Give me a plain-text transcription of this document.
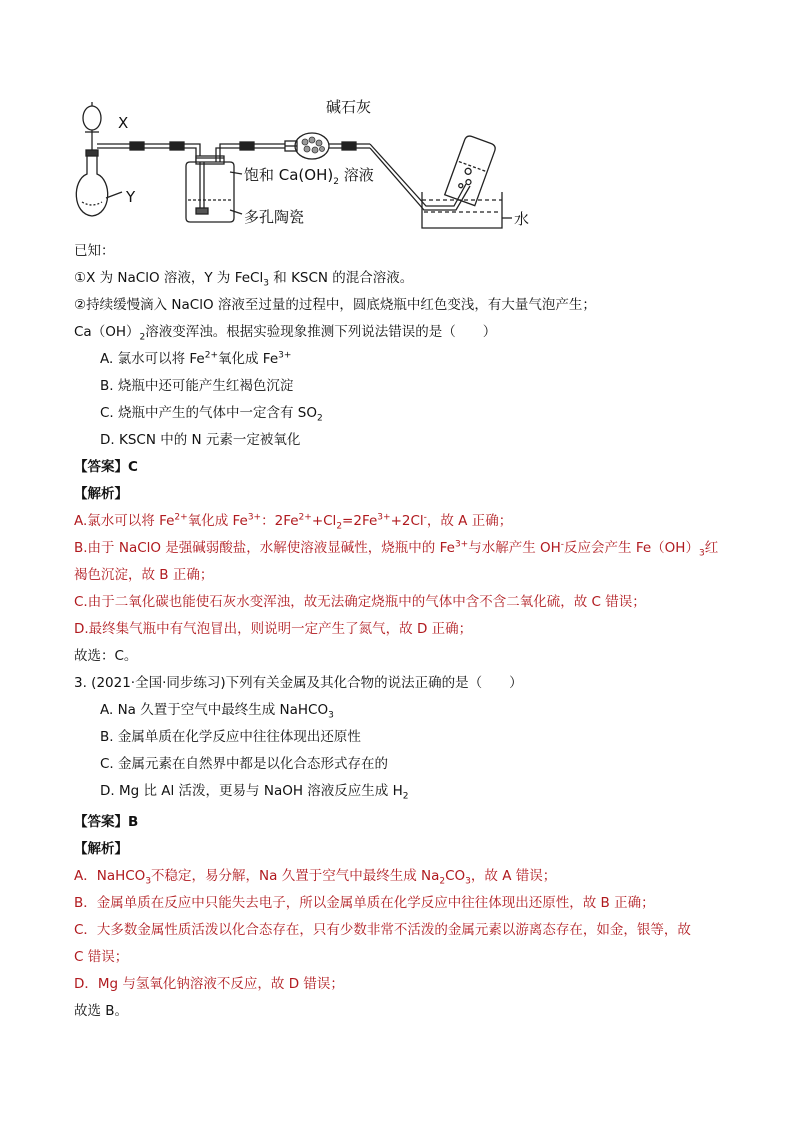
X
Y
碱石灰
饱和 $Ca(OH)_2$ 溶液
多孔陶瓷	水
已知：
①X 为 NaClO 溶液，Y 为 FeCl$_3$ 和 KSCN 的混合溶液。
②持续缓慢滴入 NaClO 溶液至过量的过程中，圆底烧瓶中红色变浅，有大量气泡产生；
$Ca(OH)_2$溶液变浑浊。根据实验现象推测下列说法错误的是（　　）
A. 氯水可以将 $Fe^{2+}$氧化成 $Fe^{3+}$
B. 烧瓶中还可能产生红褐色沉淀
C. 烧瓶中产生的气体中一定含有 $SO_2$
D. KSCN 中的 N 元素一定被氧化
【答案】C
【解析】
A.氯水可以将 $Fe^{2+}$氧化成 $Fe^{3+}$：$2Fe^{2+}+Cl_2=2Fe^{3+}+2Cl^-$，故 A 正确；
B.由于 NaClO 是强碱弱酸盐，水解使溶液显碱性，烧瓶中的 $Fe^{3+}$与水解产生 OH-反应会产生 $Fe(OH)_3$红
褐色沉淀，故 B 正确；
C.由于二氧化碳也能使石灰水变浑浊，故无法确定烧瓶中的气体中含不含二氧化硫，故 C 错误；
D.最终集气瓶中有气泡冒出，则说明一定产生了氮气，故 D 正确；
故选：C。
3. (2021·全国·同步练习)下列有关金属及其化合物的说法正确的是（　　）
A. Na 久置于空气中最终生成 NaHCO$_3$
B. 金属单质在化学反应中往往体现出还原性
C. 金属元素在自然界中都是以化合态形式存在的
D. Mg 比 Al 活泼，更易与 NaOH 溶液反应生成 $H_2$
【答案】B
【解析】
A．NaHCO$_3$不稳定，易分解，Na 久置于空气中最终生成 $Na_2CO_3$，故 A 错误；
B．金属单质在反应中只能失去电子，所以金属单质在化学反应中往往体现出还原性，故 B 正确；
C．大多数金属性质活泼以化合态存在，只有少数非常不活泼的金属元素以游离态存在，如金，银等，故
C 错误；
D．Mg 与氢氧化钠溶液不反应，故 D 错误；
故选 B。
